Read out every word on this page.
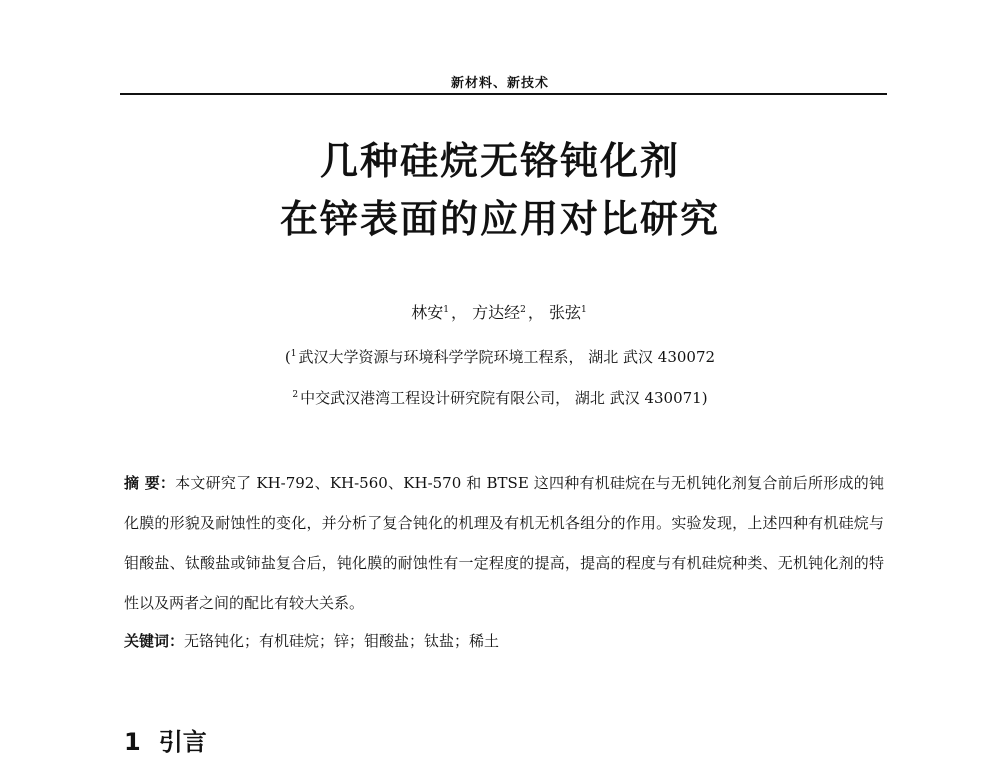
新材料、新技术
几种硅烷无铬钝化剂
在锌表面的应用对比研究
林安$^1$ ， 方达经$^2$ ， 张弦$^1$
($^1$ 武汉大学资源与环境科学学院环境工程系， 湖北 武汉 430072
$^2$ 中交武汉港湾工程设计研究院有限公司， 湖北 武汉 430071)
摘 要：本文研究了 KH-792、KH-560、KH-570 和 BTSE 这四种有机硅烷在与无机钝化剂复合前后所形成的钝化膜的形貌及耐蚀性的变化，并分析了复合钝化的机理及有机无机各组分的作用。实验发现，上述四种有机硅烷与钼酸盐、钛酸盐或铈盐复合后，钝化膜的耐蚀性有一定程度的提高，提高的程度与有机硅烷种类、无机钝化剂的特性以及两者之间的配比有较大关系。
关键词：无铬钝化；有机硅烷；锌；钼酸盐；钛盐；稀土
1 引言
